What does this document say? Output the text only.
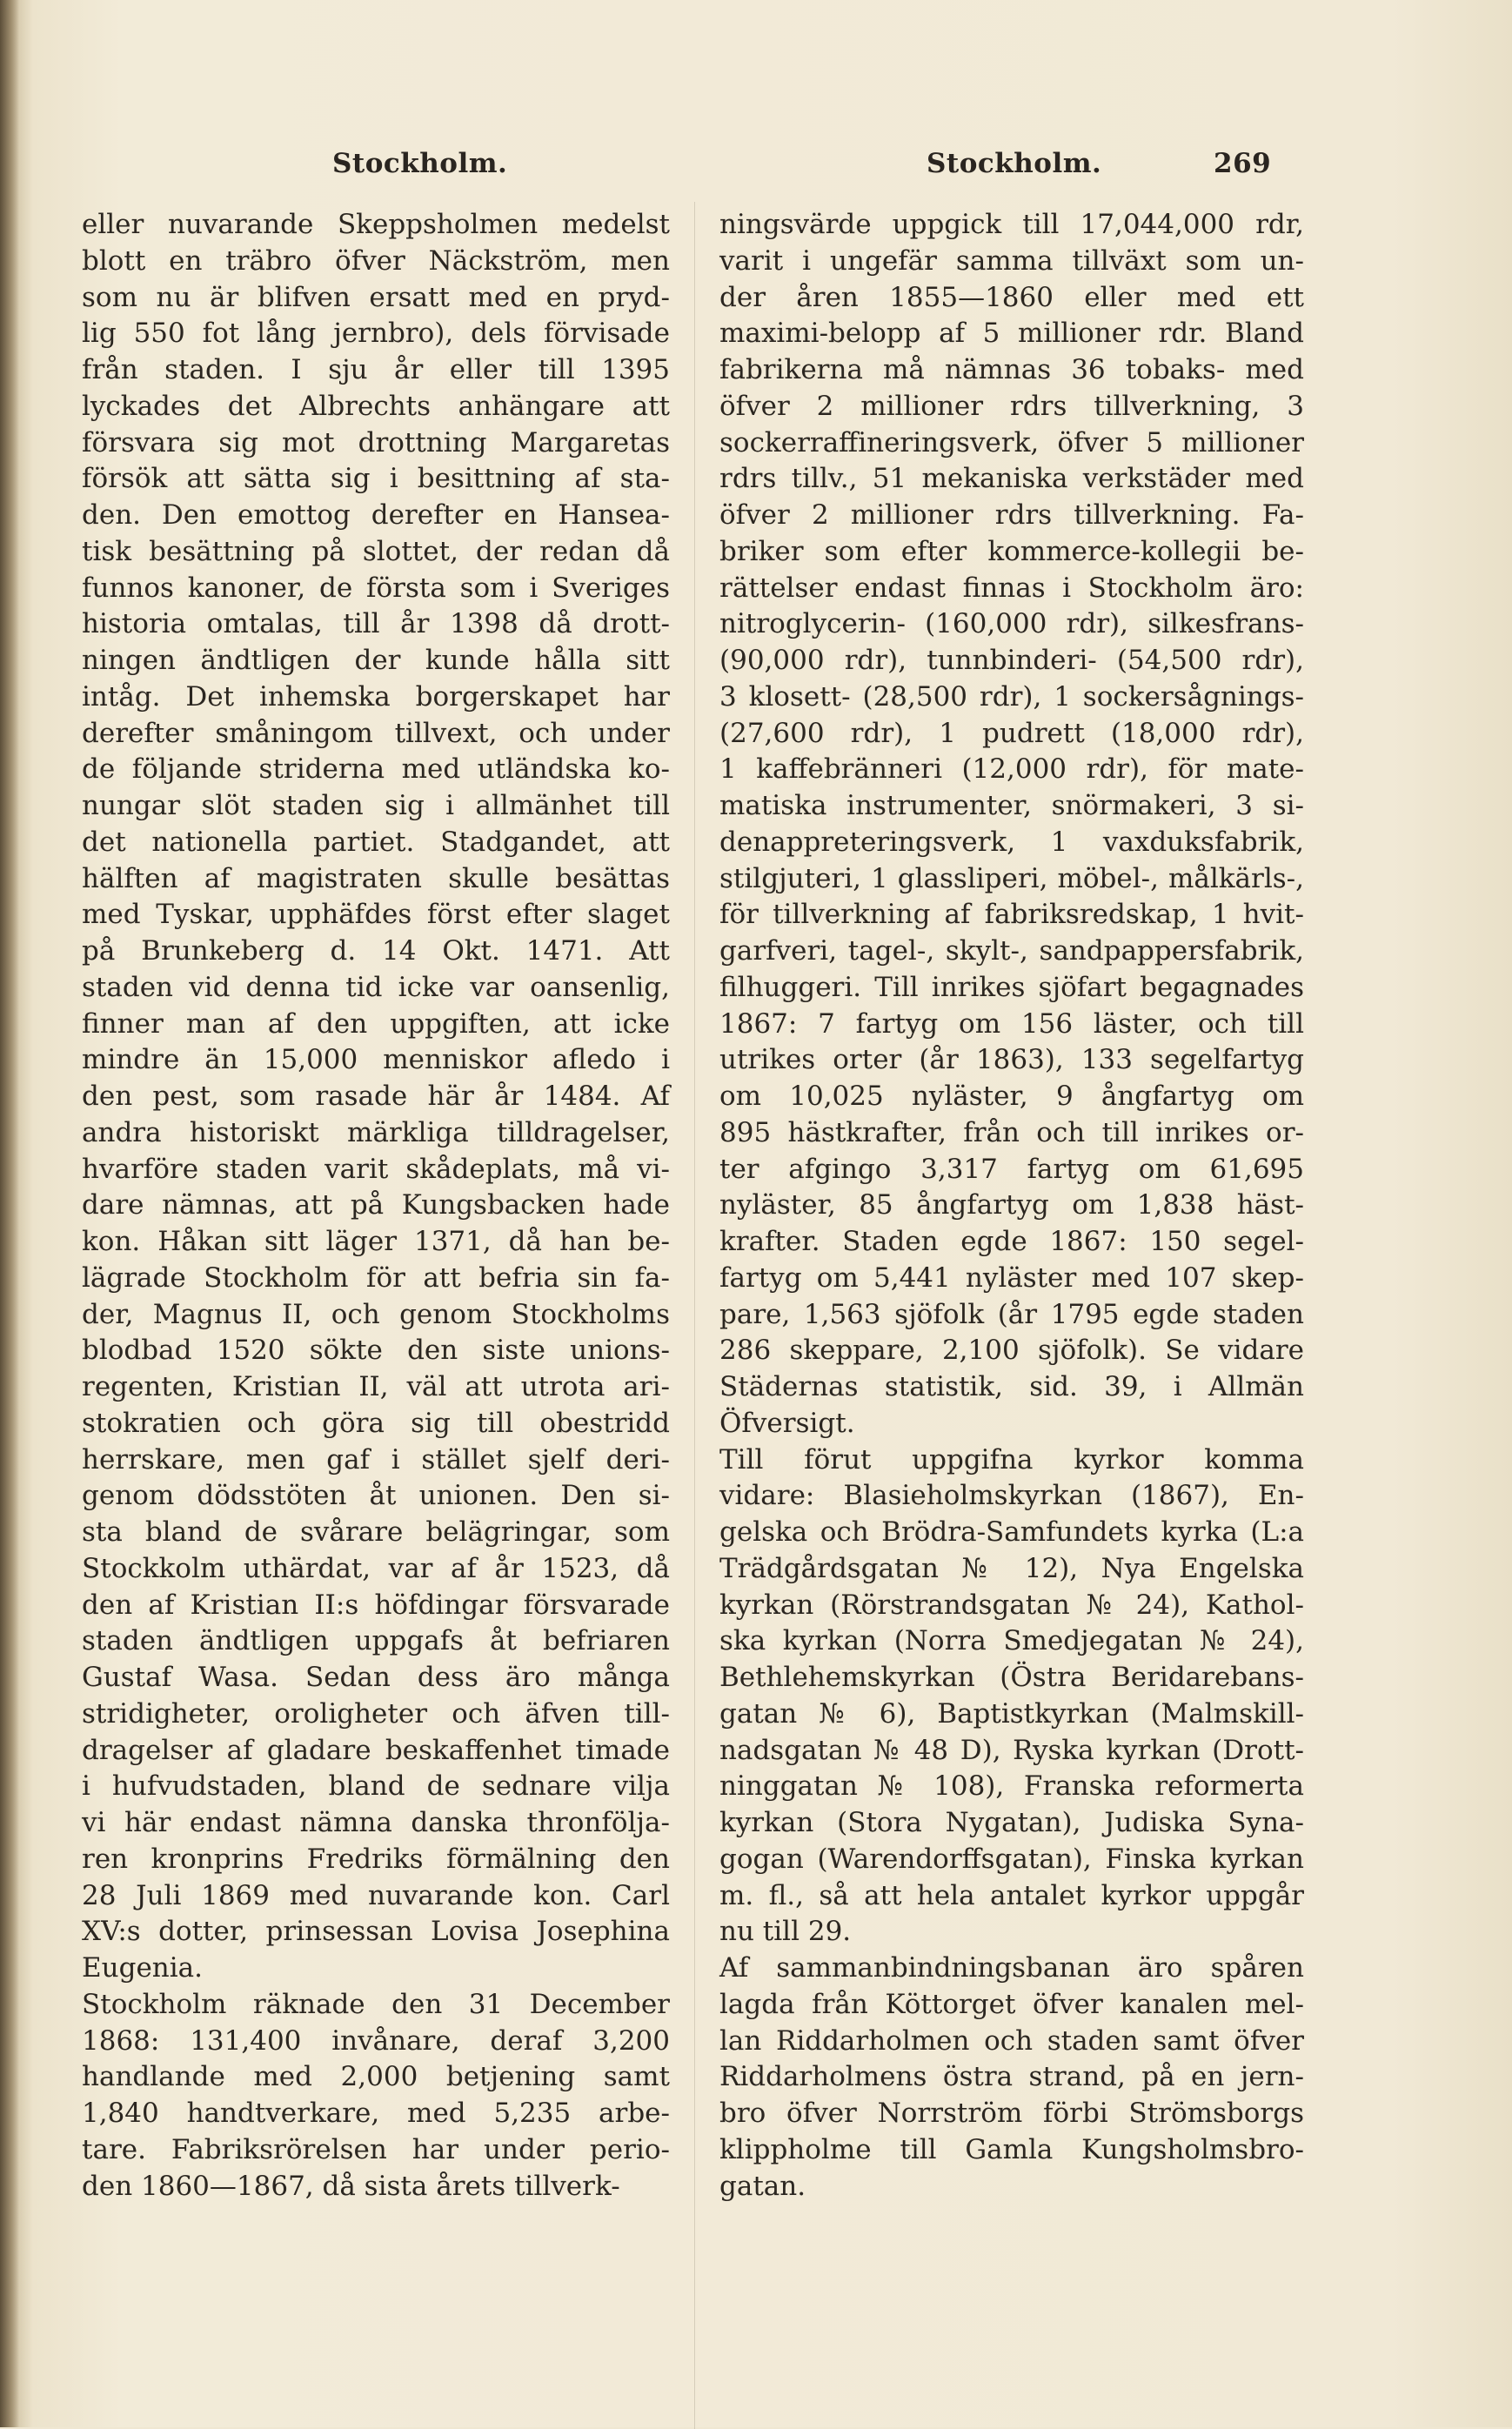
Stockholm.	Stockholm.	269
eller nuvarande Skeppsholmen medelst
blott en träbro öfver Näckström, men
som nu är blifven ersatt med en pryd-
lig 550 fot lång jernbro), dels förvisade
från staden. I sju år eller till 1395
lyckades det Albrechts anhängare att
försvara sig mot drottning Margaretas
försök att sätta sig i besittning af sta-
den. Den emottog derefter en Hansea-
tisk besättning på slottet, der redan då
funnos kanoner, de första som i Sveriges
historia omtalas, till år 1398 då drott-
ningen ändtligen der kunde hålla sitt
intåg. Det inhemska borgerskapet har
derefter småningom tillvext, och under
de följande striderna med utländska ko-
nungar slöt staden sig i allmänhet till
det nationella partiet. Stadgandet, att
hälften af magistraten skulle besättas
med Tyskar, upphäfdes först efter slaget
på Brunkeberg d. 14 Okt. 1471. Att
staden vid denna tid icke var oansenlig,
finner man af den uppgiften, att icke
mindre än 15,000 menniskor afledo i
den pest, som rasade här år 1484. Af
andra historiskt märkliga tilldragelser,
hvarföre staden varit skådeplats, må vi-
dare nämnas, att på Kungsbacken hade
kon. Håkan sitt läger 1371, då han be-
lägrade Stockholm för att befria sin fa-
der, Magnus II, och genom Stockholms
blodbad 1520 sökte den siste unions-
regenten, Kristian II, väl att utrota ari-
stokratien och göra sig till obestridd
herrskare, men gaf i stället sjelf deri-
genom dödsstöten åt unionen. Den si-
sta bland de svårare belägringar, som
Stockkolm uthärdat, var af år 1523, då
den af Kristian II:s höfdingar försvarade
staden ändtligen uppgafs åt befriaren
Gustaf Wasa. Sedan dess äro många
stridigheter, oroligheter och äfven till-
dragelser af gladare beskaffenhet timade
i hufvudstaden, bland de sednare vilja
vi här endast nämna danska thronfölja-
ren kronprins Fredriks förmälning den
28 Juli 1869 med nuvarande kon. Carl
XV:s dotter, prinsessan Lovisa Josephina
Eugenia.
Stockholm räknade den 31 December
1868: 131,400 invånare, deraf 3,200
handlande med 2,000 betjening samt
1,840 handtverkare, med 5,235 arbe-
tare. Fabriksrörelsen har under perio-
den 1860—1867, då sista årets tillverk-
ningsvärde uppgick till 17,044,000 rdr,
varit i ungefär samma tillväxt som un-
der åren 1855—1860 eller med ett
maximi-belopp af 5 millioner rdr. Bland
fabrikerna må nämnas 36 tobaks- med
öfver 2 millioner rdrs tillverkning, 3
sockerraffineringsverk, öfver 5 millioner
rdrs tillv., 51 mekaniska verkstäder med
öfver 2 millioner rdrs tillverkning. Fa-
briker som efter kommerce-kollegii be-
rättelser endast finnas i Stockholm äro:
nitroglycerin- (160,000 rdr), silkesfrans-
(90,000 rdr), tunnbinderi- (54,500 rdr),
3 klosett- (28,500 rdr), 1 sockersågnings-
(27,600 rdr), 1 pudrett (18,000 rdr),
1 kaffebränneri (12,000 rdr), för mate-
matiska instrumenter, snörmakeri, 3 si-
denappreteringsverk, 1 vaxduksfabrik,
stilgjuteri, 1 glassliperi, möbel-, målkärls-,
för tillverkning af fabriksredskap, 1 hvit-
garfveri, tagel-, skylt-, sandpappersfabrik,
filhuggeri. Till inrikes sjöfart begagnades
1867: 7 fartyg om 156 läster, och till
utrikes orter (år 1863), 133 segelfartyg
om 10,025 nyläster, 9 ångfartyg om
895 hästkrafter, från och till inrikes or-
ter afgingo 3,317 fartyg om 61,695
nyläster, 85 ångfartyg om 1,838 häst-
krafter. Staden egde 1867: 150 segel-
fartyg om 5,441 nyläster med 107 skep-
pare, 1,563 sjöfolk (år 1795 egde staden
286 skeppare, 2,100 sjöfolk). Se vidare
Städernas statistik, sid. 39, i Allmän
Öfversigt.
Till förut uppgifna kyrkor komma
vidare: Blasieholmskyrkan (1867), En-
gelska och Brödra-Samfundets kyrka (L:a
Trädgårdsgatan № 12), Nya Engelska
kyrkan (Rörstrandsgatan № 24), Kathol-
ska kyrkan (Norra Smedjegatan № 24),
Bethlehemskyrkan (Östra Beridarebans-
gatan № 6), Baptistkyrkan (Malmskill-
nadsgatan № 48 D), Ryska kyrkan (Drott-
ninggatan № 108), Franska reformerta
kyrkan (Stora Nygatan), Judiska Syna-
gogan (Warendorffsgatan), Finska kyrkan
m. fl., så att hela antalet kyrkor uppgår
nu till 29.
Af sammanbindningsbanan äro spåren
lagda från Köttorget öfver kanalen mel-
lan Riddarholmen och staden samt öfver
Riddarholmens östra strand, på en jern-
bro öfver Norrström förbi Strömsborgs
klippholme till Gamla Kungsholmsbro-
gatan.
